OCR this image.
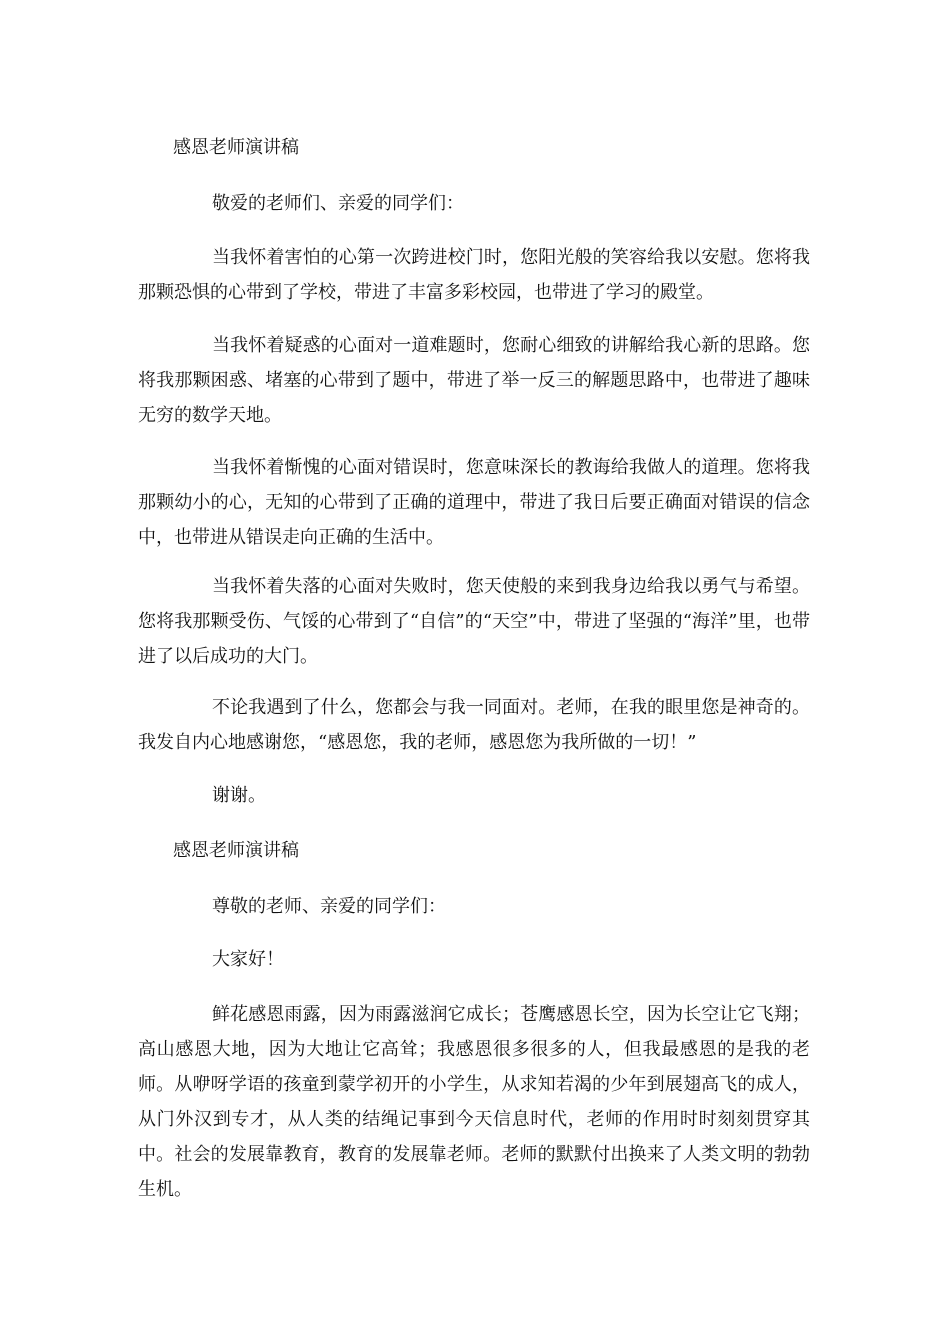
感恩老师演讲稿

敬爱的老师们、亲爱的同学们：

当我怀着害怕的心第一次跨进校门时，您阳光般的笑容给我以安慰。您将我那颗恐惧的心带到了学校，带进了丰富多彩校园，也带进了学习的殿堂。

当我怀着疑惑的心面对一道难题时，您耐心细致的讲解给我心新的思路。您将我那颗困惑、堵塞的心带到了题中，带进了举一反三的解题思路中，也带进了趣味无穷的数学天地。

当我怀着惭愧的心面对错误时，您意味深长的教诲给我做人的道理。您将我那颗幼小的心，无知的心带到了正确的道理中，带进了我日后要正确面对错误的信念中，也带进从错误走向正确的生活中。

当我怀着失落的心面对失败时，您天使般的来到我身边给我以勇气与希望。您将我那颗受伤、气馁的心带到了“自信”的“天空”中，带进了坚强的“海洋”里，也带进了以后成功的大门。

不论我遇到了什么，您都会与我一同面对。老师，在我的眼里您是神奇的。我发自内心地感谢您，“感恩您，我的老师，感恩您为我所做的一切！”

谢谢。

感恩老师演讲稿

尊敬的老师、亲爱的同学们：

大家好！

鲜花感恩雨露，因为雨露滋润它成长；苍鹰感恩长空，因为长空让它飞翔；高山感恩大地，因为大地让它高耸；我感恩很多很多的人，但我最感恩的是我的老师。从咿呀学语的孩童到蒙学初开的小学生，从求知若渴的少年到展翅高飞的成人，从门外汉到专才，从人类的结绳记事到今天信息时代，老师的作用时时刻刻贯穿其中。社会的发展靠教育，教育的发展靠老师。老师的默默付出换来了人类文明的勃勃生机。
